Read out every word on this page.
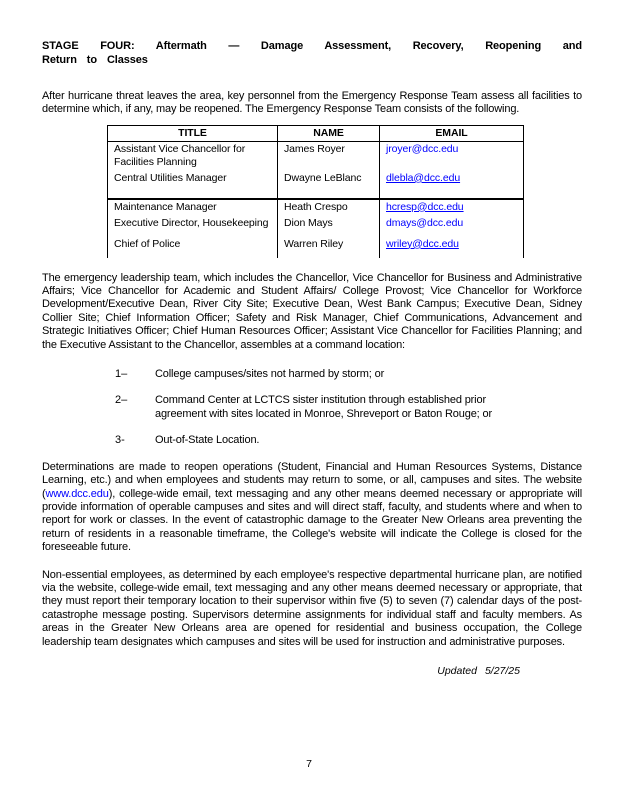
STAGE FOUR: Aftermath — Damage Assessment, Recovery, Reopening and
Return to Classes

After hurricane threat leaves the area, key personnel from the Emergency Response Team assess all facilities to determine which, if any, may be reopened. The Emergency Response Team consists of the following.

TITLE	NAME	EMAIL
Assistant Vice Chancellor for Facilities Planning	James Royer	jroyer@dcc.edu
Central Utilities Manager	Dwayne LeBlanc	dlebla@dcc.edu
Maintenance Manager	Heath Crespo	hcresp@dcc.edu
Executive Director, Housekeeping	Dion Mays	dmays@dcc.edu
Chief of Police	Warren Riley	wriley@dcc.edu

The emergency leadership team, which includes the Chancellor, Vice Chancellor for Business and Administrative Affairs; Vice Chancellor for Academic and Student Affairs/ College Provost; Vice Chancellor for Workforce Development/Executive Dean, River City Site; Executive Dean, West Bank Campus; Executive Dean, Sidney Collier Site; Chief Information Officer; Safety and Risk Manager, Chief Communications, Advancement and Strategic Initiatives Officer; Chief Human Resources Officer; Assistant Vice Chancellor for Facilities Planning; and the Executive Assistant to the Chancellor, assembles at a command location:

1–	College campuses/sites not harmed by storm; or
2–	Command Center at LCTCS sister institution through established prior agreement with sites located in Monroe, Shreveport or Baton Rouge; or
3-	Out-of-State Location.

Determinations are made to reopen operations (Student, Financial and Human Resources Systems, Distance Learning, etc.) and when employees and students may return to some, or all, campuses and sites. The website (www.dcc.edu), college-wide email, text messaging and any other means deemed necessary or appropriate will provide information of operable campuses and sites and will direct staff, faculty, and students where and when to report for work or classes. In the event of catastrophic damage to the Greater New Orleans area preventing the return of residents in a reasonable timeframe, the College's website will indicate the College is closed for the foreseeable future.

Non-essential employees, as determined by each employee's respective departmental hurricane plan, are notified via the website, college-wide email, text messaging and any other means deemed necessary or appropriate, that they must report their temporary location to their supervisor within five (5) to seven (7) calendar days of the post-catastrophe message posting. Supervisors determine assignments for individual staff and faculty members. As areas in the Greater New Orleans area are opened for residential and business occupation, the College leadership team designates which campuses and sites will be used for instruction and administrative purposes.

Updated 5/27/25
7
